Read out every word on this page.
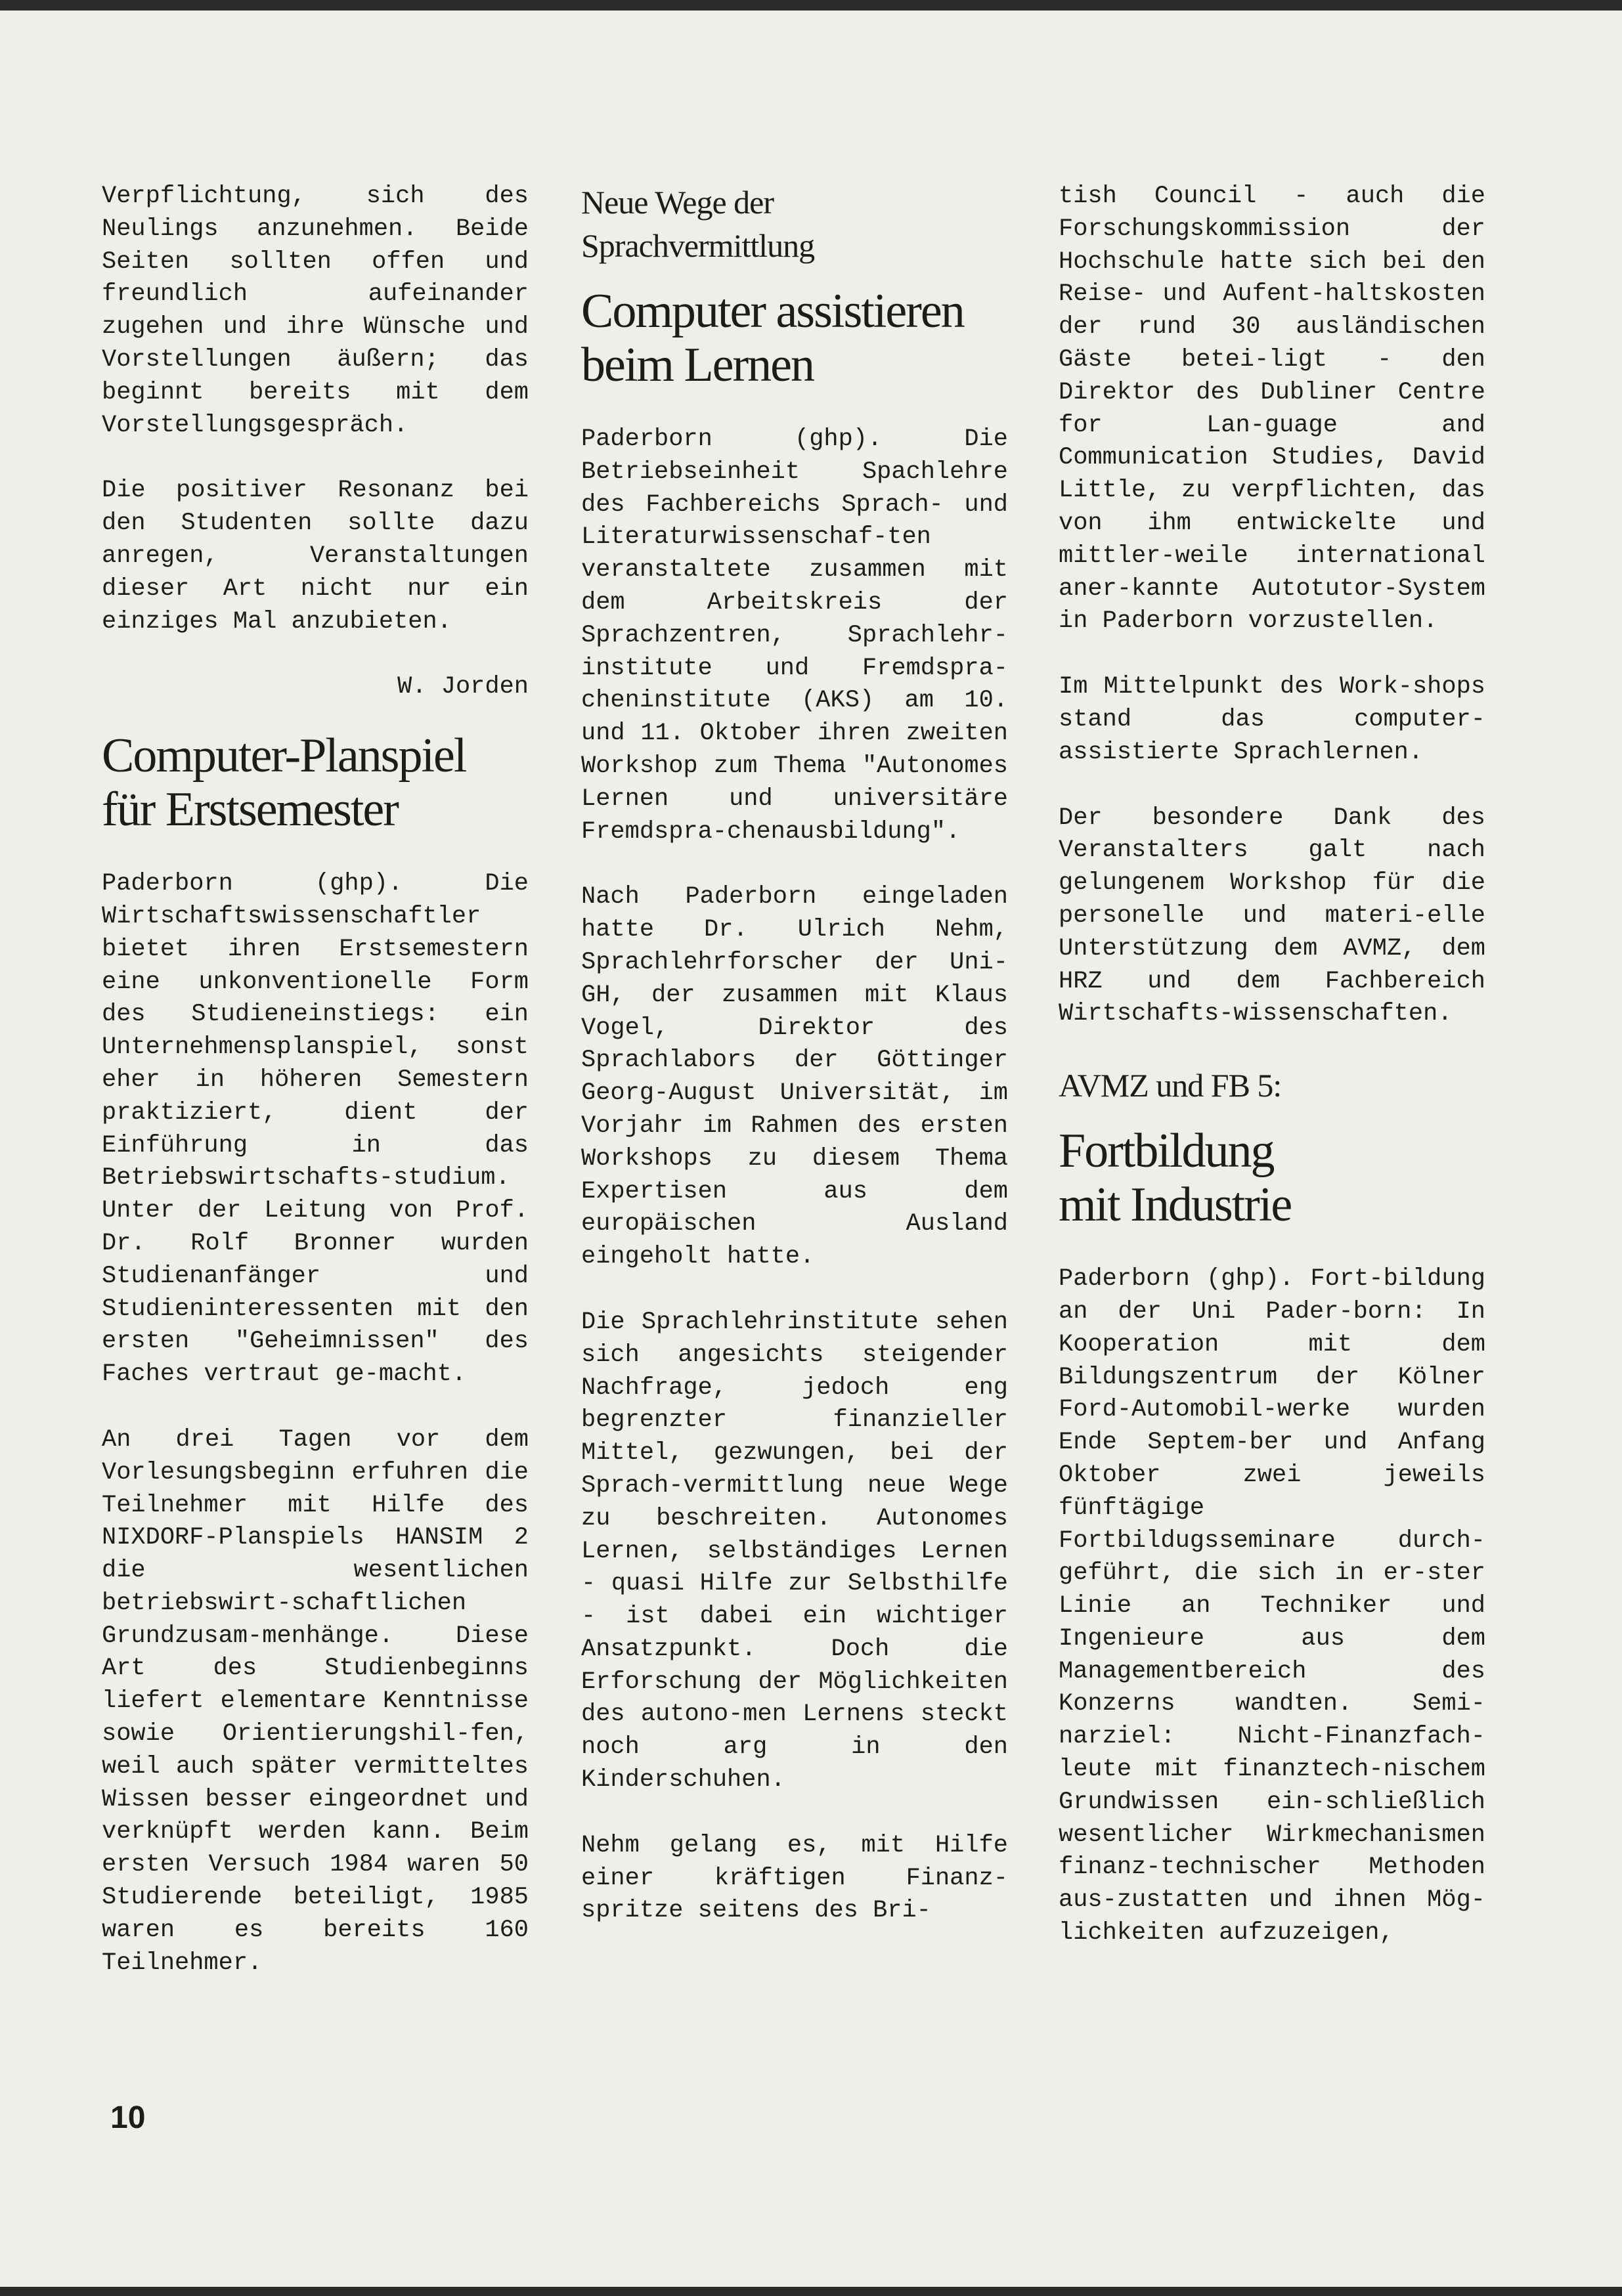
Verpflichtung, sich des Neulings anzunehmen. Beide Seiten sollten offen und freundlich aufeinander zugehen und ihre Wünsche und Vorstellungen äußern; das beginnt bereits mit dem Vorstellungsgespräch.

Die positiver Resonanz bei den Studenten sollte dazu anregen, Veranstaltungen dieser Art nicht nur ein einziges Mal anzubieten.

W. Jorden

Computer-Planspiel
für Erstsemester

Paderborn (ghp). Die Wirtschaftswissenschaftler bietet ihren Erstsemestern eine unkonventionelle Form des Studieneinstiegs: ein Unternehmensplanspiel, sonst eher in höheren Semestern praktiziert, dient der Einführung in das Betriebswirtschafts-studium. Unter der Leitung von Prof. Dr. Rolf Bronner wurden Studienanfänger und Studieninteressenten mit den ersten "Geheimnissen" des Faches vertraut ge-macht.

An drei Tagen vor dem Vorlesungsbeginn erfuhren die Teilnehmer mit Hilfe des NIXDORF-Planspiels HANSIM 2 die wesentlichen betriebswirt-schaftlichen Grundzusam-menhänge. Diese Art des Studienbeginns liefert elementare Kenntnisse sowie Orientierungshil-fen, weil auch später vermitteltes Wissen besser eingeordnet und verknüpft werden kann. Beim ersten Versuch 1984 waren 50 Studierende beteiligt, 1985 waren es bereits 160 Teilnehmer.

Neue Wege der
Sprachvermittlung
Computer assistieren
beim Lernen

Paderborn (ghp). Die Betriebseinheit Spachlehre des Fachbereichs Sprach- und Literaturwissenschaf-ten veranstaltete zusammen mit dem Arbeitskreis der Sprachzentren, Sprachlehr-institute und Fremdspra-cheninstitute (AKS) am 10. und 11. Oktober ihren zweiten Workshop zum Thema "Autonomes Lernen und universitäre Fremdspra-chenausbildung".

Nach Paderborn eingeladen hatte Dr. Ulrich Nehm, Sprachlehrforscher der Uni-GH, der zusammen mit Klaus Vogel, Direktor des Sprachlabors der Göttinger Georg-August Universität, im Vorjahr im Rahmen des ersten Workshops zu diesem Thema Expertisen aus dem europäischen Ausland eingeholt hatte.

Die Sprachlehrinstitute sehen sich angesichts steigender Nachfrage, jedoch eng begrenzter finanzieller Mittel, gezwungen, bei der Sprach-vermittlung neue Wege zu beschreiten. Autonomes Lernen, selbständiges Lernen - quasi Hilfe zur Selbsthilfe - ist dabei ein wichtiger Ansatzpunkt. Doch die Erforschung der Möglichkeiten des autono-men Lernens steckt noch arg in den Kinderschuhen.

Nehm gelang es, mit Hilfe einer kräftigen Finanz-spritze seitens des Bri-

tish Council - auch die Forschungskommission der Hochschule hatte sich bei den Reise- und Aufent-haltskosten der rund 30 ausländischen Gäste betei-ligt - den Direktor des Dubliner Centre for Lan-guage and Communication Studies, David Little, zu verpflichten, das von ihm entwickelte und mittler-weile international aner-kannte Autotutor-System in Paderborn vorzustellen.

Im Mittelpunkt des Work-shops stand das computer-assistierte Sprachlernen.

Der besondere Dank des Veranstalters galt nach gelungenem Workshop für die personelle und materi-elle Unterstützung dem AVMZ, dem HRZ und dem Fachbereich Wirtschafts-wissenschaften.

AVMZ und FB 5:
Fortbildung
mit Industrie

Paderborn (ghp). Fort-bildung an der Uni Pader-born: In Kooperation mit dem Bildungszentrum der Kölner Ford-Automobil-werke wurden Ende Septem-ber und Anfang Oktober zwei jeweils fünftägige Fortbildugsseminare durch-geführt, die sich in er-ster Linie an Techniker und Ingenieure aus dem Managementbereich des Konzerns wandten. Semi-narziel: Nicht-Finanzfach-leute mit finanztech-nischem Grundwissen ein-schließlich wesentlicher Wirkmechanismen finanz-technischer Methoden aus-zustatten und ihnen Mög-lichkeiten aufzuzeigen,

10
